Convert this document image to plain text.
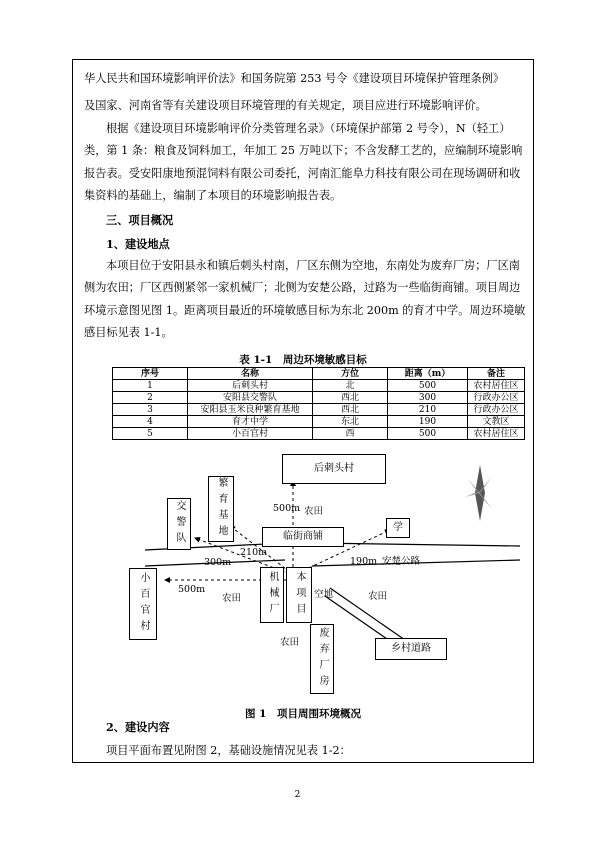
华人民共和国环境影响评价法》和国务院第 253 号令《建设项目环境保护管理条例》

及国家、河南省等有关建设项目环境管理的有关规定，项目应进行环境影响评价。

根据《建设项目环境影响评价分类管理名录》（环境保护部第 2 号令），N（轻工）类，第 1 条：粮食及饲料加工，年加工 25 万吨以下；不含发酵工艺的，应编制环境影响报告表。受安阳康地预混饲料有限公司委托，河南汇能阜力科技有限公司在现场调研和收集资料的基础上，编制了本项目的环境影响报告表。

三、项目概况

1、建设地点

本项目位于安阳县永和镇后刺头村南，厂区东侧为空地，东南处为废弃厂房；厂区南侧为农田；厂区西侧紧邻一家机械厂；北侧为安楚公路，过路为一些临街商铺。项目周边环境示意图见图 1。距离项目最近的环境敏感目标为东北 200m 的育才中学。周边环境敏感目标见表 1-1。

表 1-1　周边环境敏感目标
序号	名称	方位	距离（m）	备注
1	后刺头村	北	500	农村居住区
2	安阳县交警队	西北	300	行政办公区
3	安阳县玉米良种繁育基地	西北	210	行政办公区
4	育才中学	东北	190	文教区
5	小百官村	西	500	农村居住区
后刺头村
交警队	繁育基地	临街商铺
学
小百官村	机械厂	本项目
废弃厂房	乡村道路
500m 农田
210m
300m	190m 安楚公路
500m
农田	空地	农田
农田
图 1　项目周围环境概况

2、建设内容

项目平面布置见附图 2，基础设施情况见表 1-2：

2
